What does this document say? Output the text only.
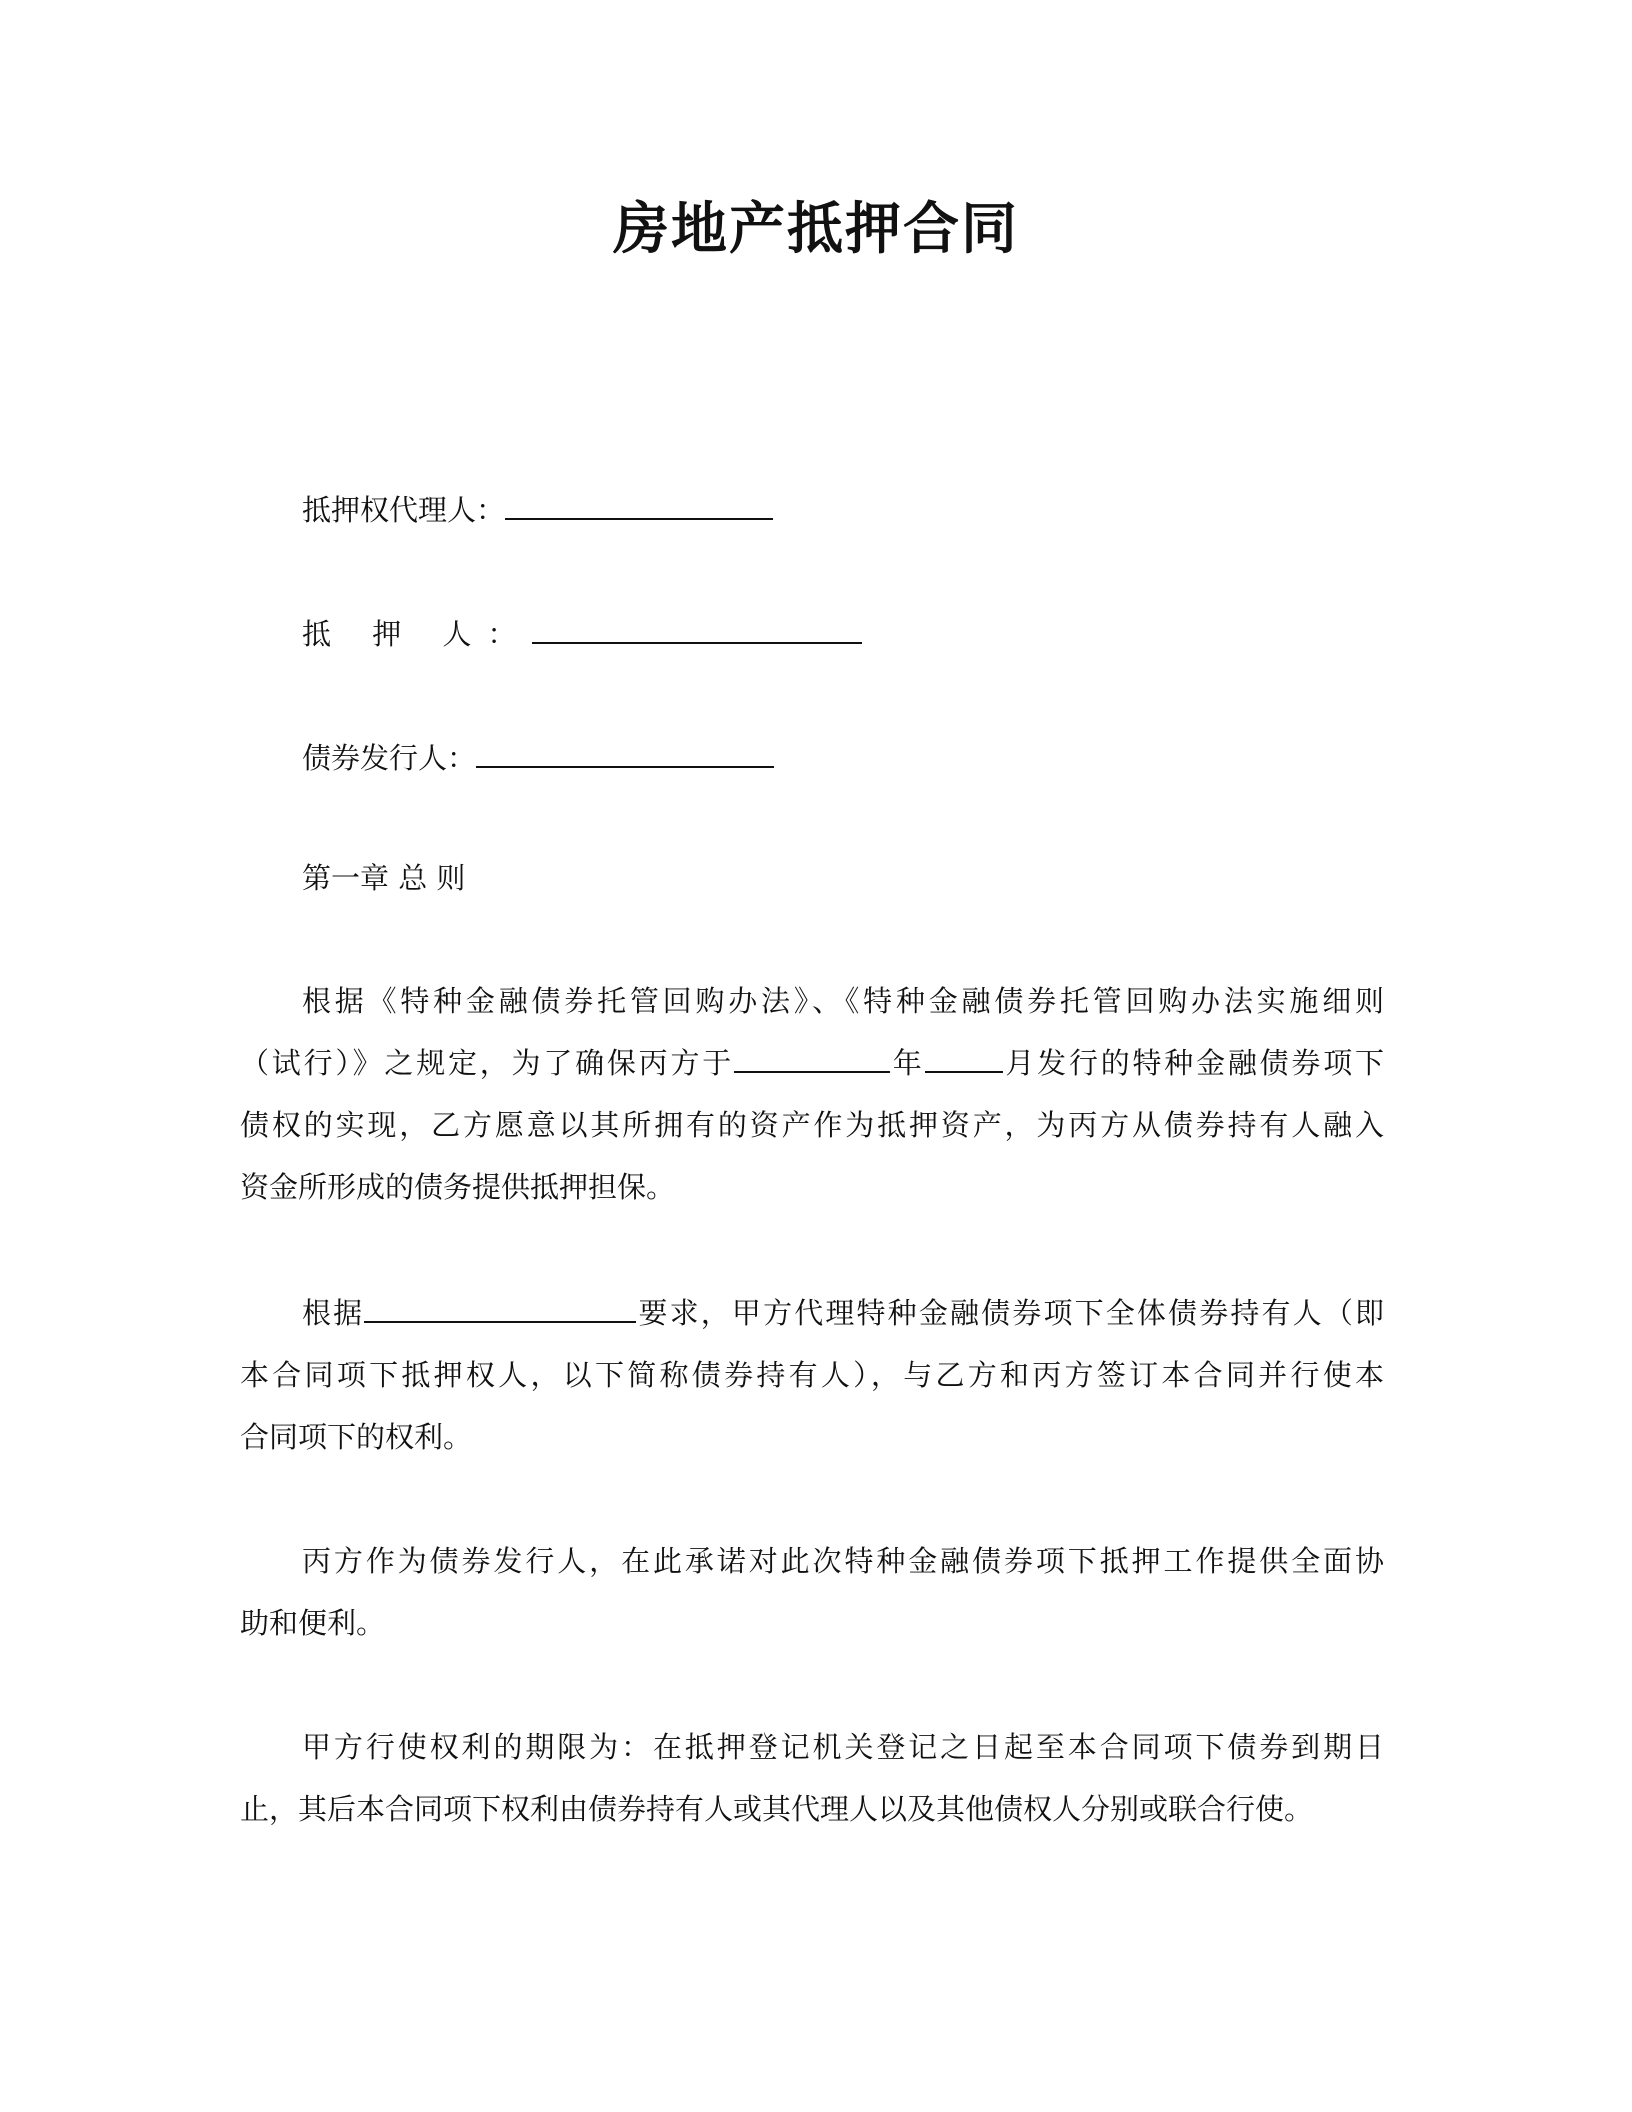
房地产抵押合同
抵押权代理人：
抵 押 人：
债券发行人：
第一章 总 则
根据《特种金融债券托管回购办法》、《特种金融债券托管回购办法实施细则
（试行）》之规定，为了确保丙方于	年	月发行的特种金融债券项下
债权的实现，乙方愿意以其所拥有的资产作为抵押资产，为丙方从债券持有人融入
资金所形成的债务提供抵押担保。
根据	要求，甲方代理特种金融债券项下全体债券持有人（即
本合同项下抵押权人，以下简称债券持有人），与乙方和丙方签订本合同并行使本
合同项下的权利。
丙方作为债券发行人，在此承诺对此次特种金融债券项下抵押工作提供全面协
助和便利。
甲方行使权利的期限为：在抵押登记机关登记之日起至本合同项下债券到期日
止，其后本合同项下权利由债券持有人或其代理人以及其他债权人分别或联合行使。
